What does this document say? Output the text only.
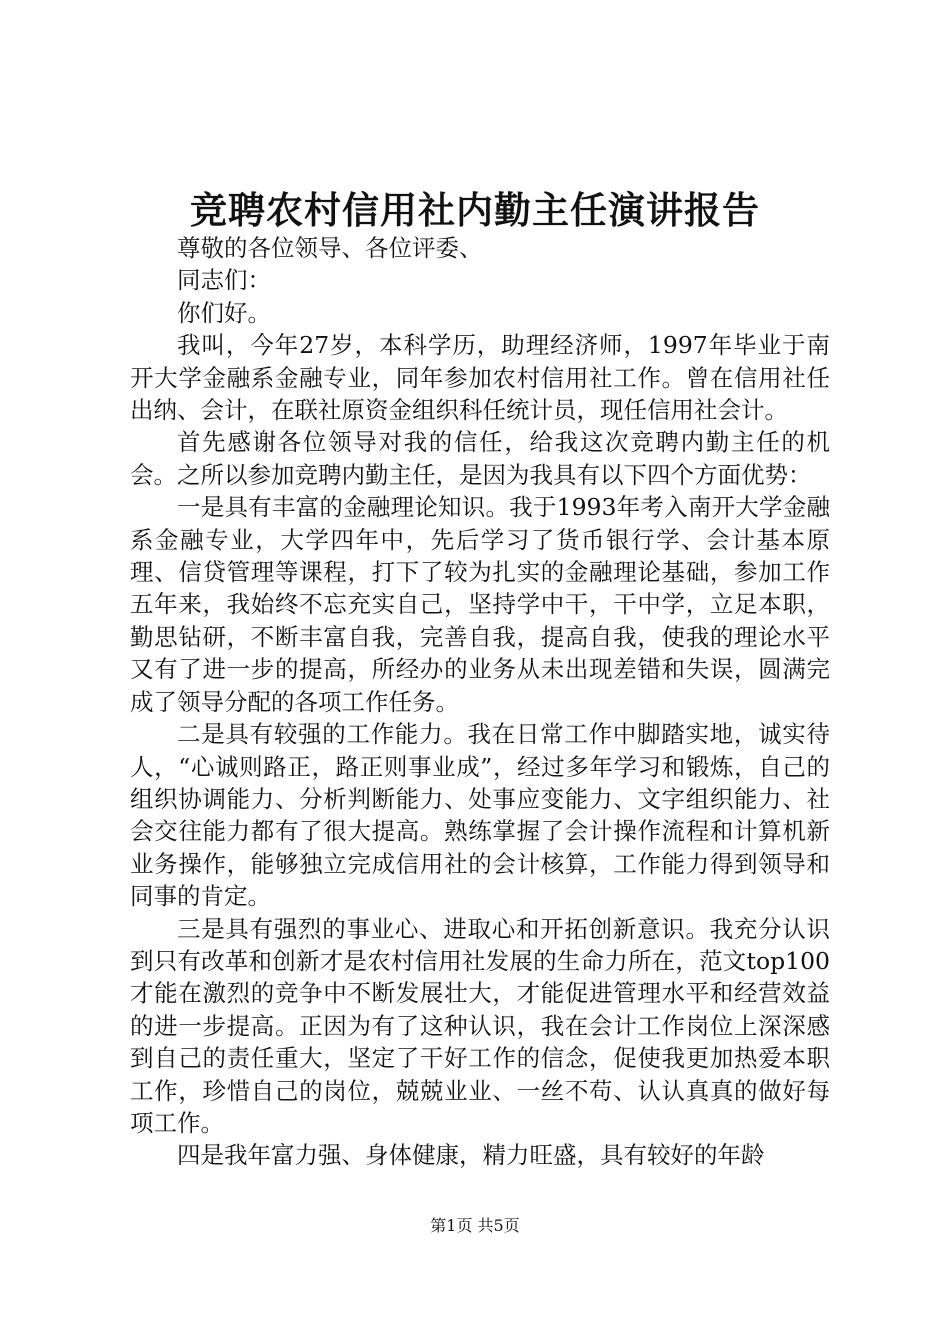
竞聘农村信用社内勤主任演讲报告

尊敬的各位领导、各位评委、

同志们：

你们好。

我叫，今年27岁，本科学历，助理经济师，1997年毕业于南开大学金融系金融专业，同年参加农村信用社工作。曾在信用社任出纳、会计，在联社原资金组织科任统计员，现任信用社会计。

首先感谢各位领导对我的信任，给我这次竞聘内勤主任的机会。之所以参加竞聘内勤主任，是因为我具有以下四个方面优势：

一是具有丰富的金融理论知识。我于1993年考入南开大学金融系金融专业，大学四年中，先后学习了货币银行学、会计基本原理、信贷管理等课程，打下了较为扎实的金融理论基础，参加工作五年来，我始终不忘充实自己，坚持学中干，干中学，立足本职，勤思钻研，不断丰富自我，完善自我，提高自我，使我的理论水平又有了进一步的提高，所经办的业务从未出现差错和失误，圆满完成了领导分配的各项工作任务。

二是具有较强的工作能力。我在日常工作中脚踏实地，诚实待人，“心诚则路正，路正则事业成”，经过多年学习和锻炼，自己的组织协调能力、分析判断能力、处事应变能力、文字组织能力、社会交往能力都有了很大提高。熟练掌握了会计操作流程和计算机新业务操作，能够独立完成信用社的会计核算，工作能力得到领导和同事的肯定。

三是具有强烈的事业心、进取心和开拓创新意识。我充分认识到只有改革和创新才是农村信用社发展的生命力所在，范文top100才能在激烈的竞争中不断发展壮大，才能促进管理水平和经营效益的进一步提高。正因为有了这种认识，我在会计工作岗位上深深感到自己的责任重大，坚定了干好工作的信念，促使我更加热爱本职工作，珍惜自己的岗位，兢兢业业、一丝不苟、认认真真的做好每项工作。

四是我年富力强、身体健康，精力旺盛，具有较好的年龄

第1页 共5页
